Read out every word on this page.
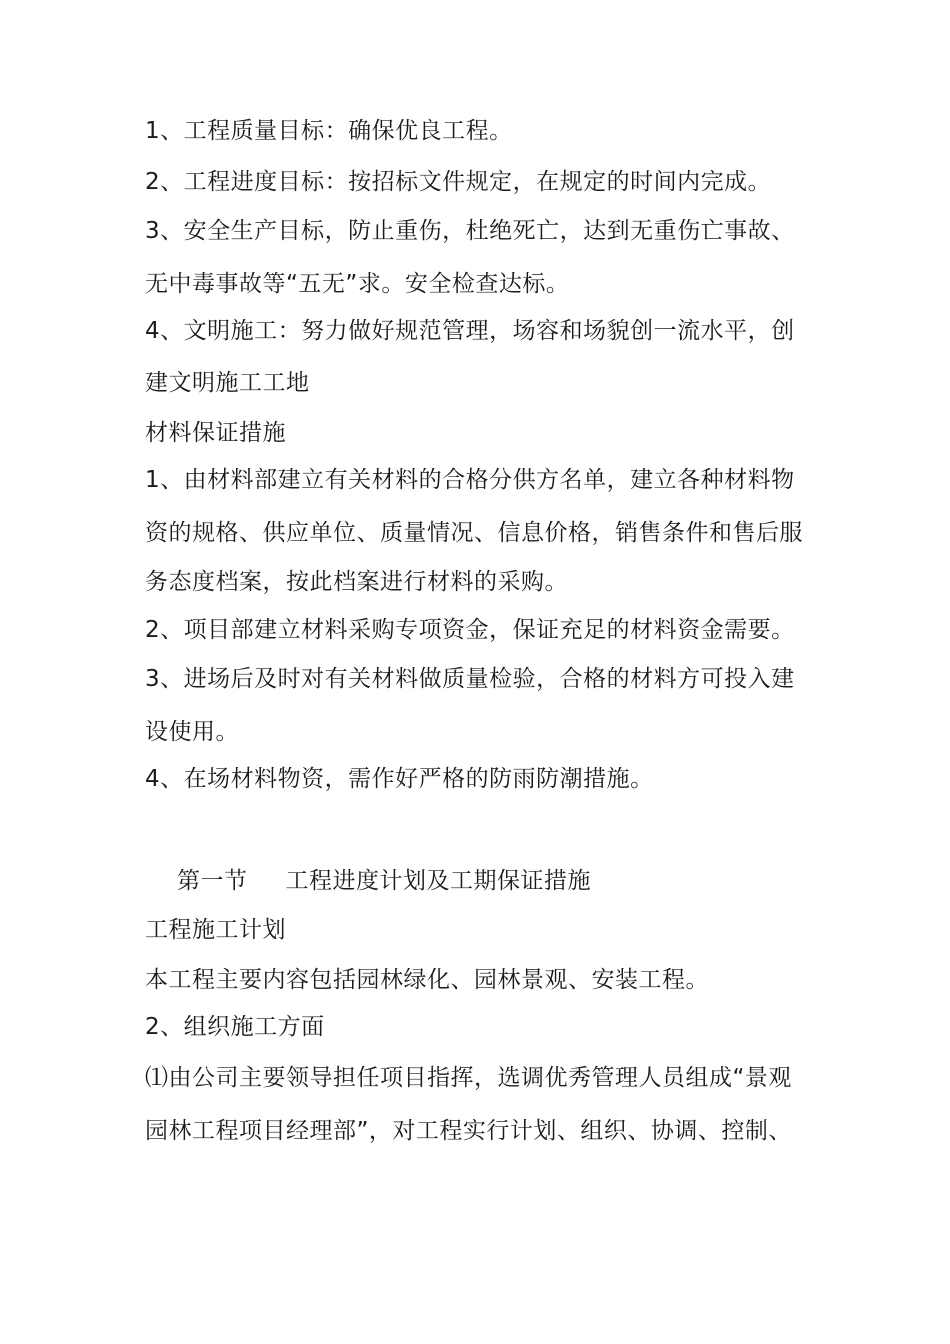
1、工程质量目标：确保优良工程。
2、工程进度目标：按招标文件规定，在规定的时间内完成。
3、安全生产目标，防止重伤，杜绝死亡，达到无重伤亡事故、
无中毒事故等“五无”求。安全检查达标。
4、文明施工：努力做好规范管理，场容和场貌创一流水平，创
建文明施工工地
材料保证措施
1、由材料部建立有关材料的合格分供方名单，建立各种材料物
资的规格、供应单位、质量情况、信息价格，销售条件和售后服
务态度档案，按此档案进行材料的采购。
2、项目部建立材料采购专项资金，保证充足的材料资金需要。
3、进场后及时对有关材料做质量检验，合格的材料方可投入建
设使用。
4、在场材料物资，需作好严格的防雨防潮措施。
第一节 工程进度计划及工期保证措施
工程施工计划
本工程主要内容包括园林绿化、园林景观、安装工程。
2、组织施工方面
⑴由公司主要领导担任项目指挥，选调优秀管理人员组成“景观
园林工程项目经理部”，对工程实行计划、组织、协调、控制、
